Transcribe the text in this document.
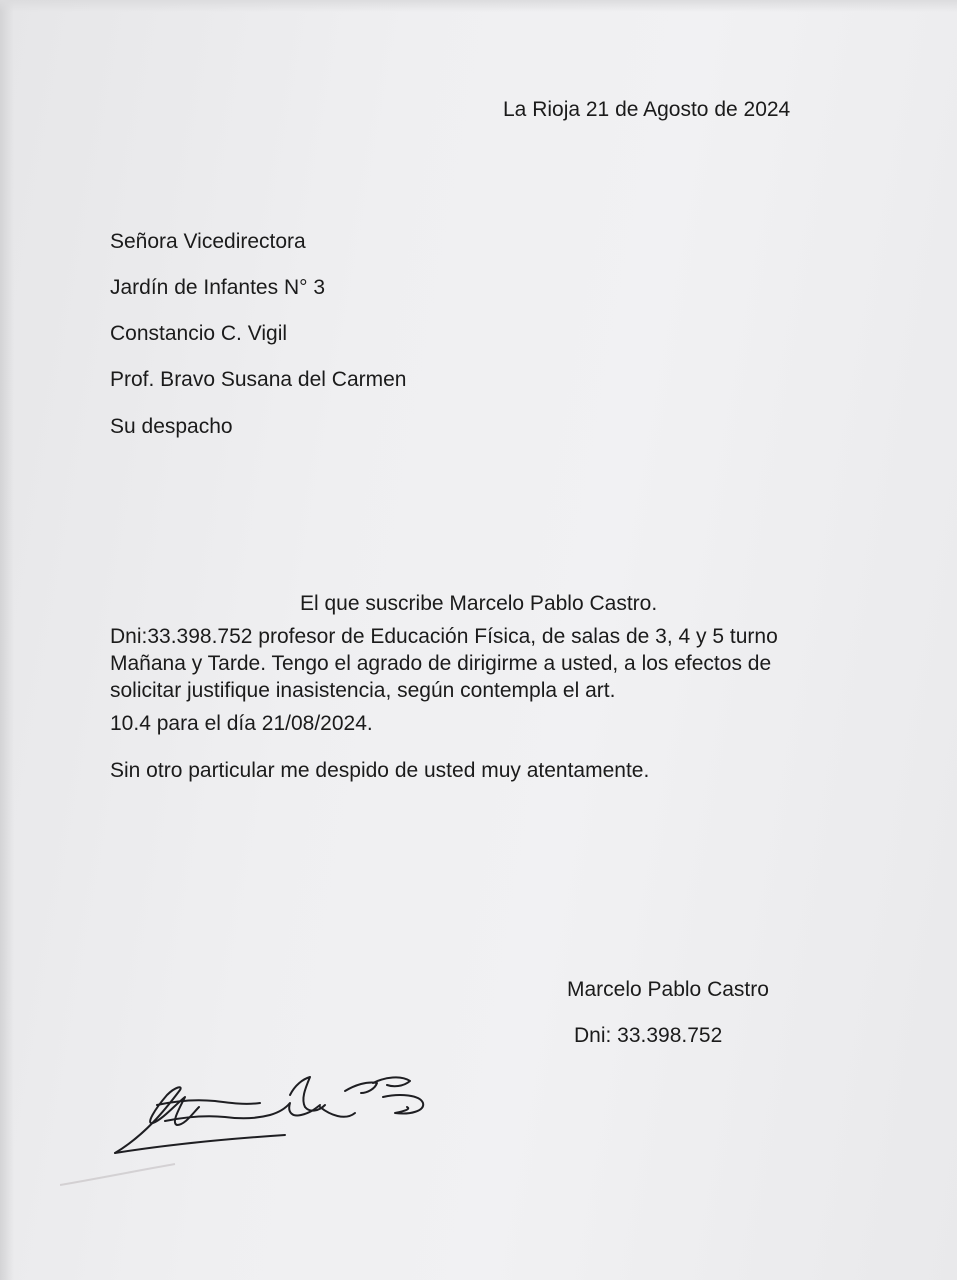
La Rioja 21 de Agosto de 2024
Señora Vicedirectora
Jardín de Infantes N° 3
Constancio C. Vigil
Prof. Bravo Susana del Carmen
Su despacho
El que suscribe Marcelo Pablo Castro.
Dni:33.398.752 profesor de Educación Física, de salas de 3, 4 y 5 turno
Mañana y Tarde. Tengo el agrado de dirigirme a usted, a los efectos de
solicitar justifique inasistencia, según contempla el art.
10.4 para el día 21/08/2024.
Sin otro particular me despido de usted muy atentamente.
Marcelo Pablo Castro
Dni: 33.398.752
